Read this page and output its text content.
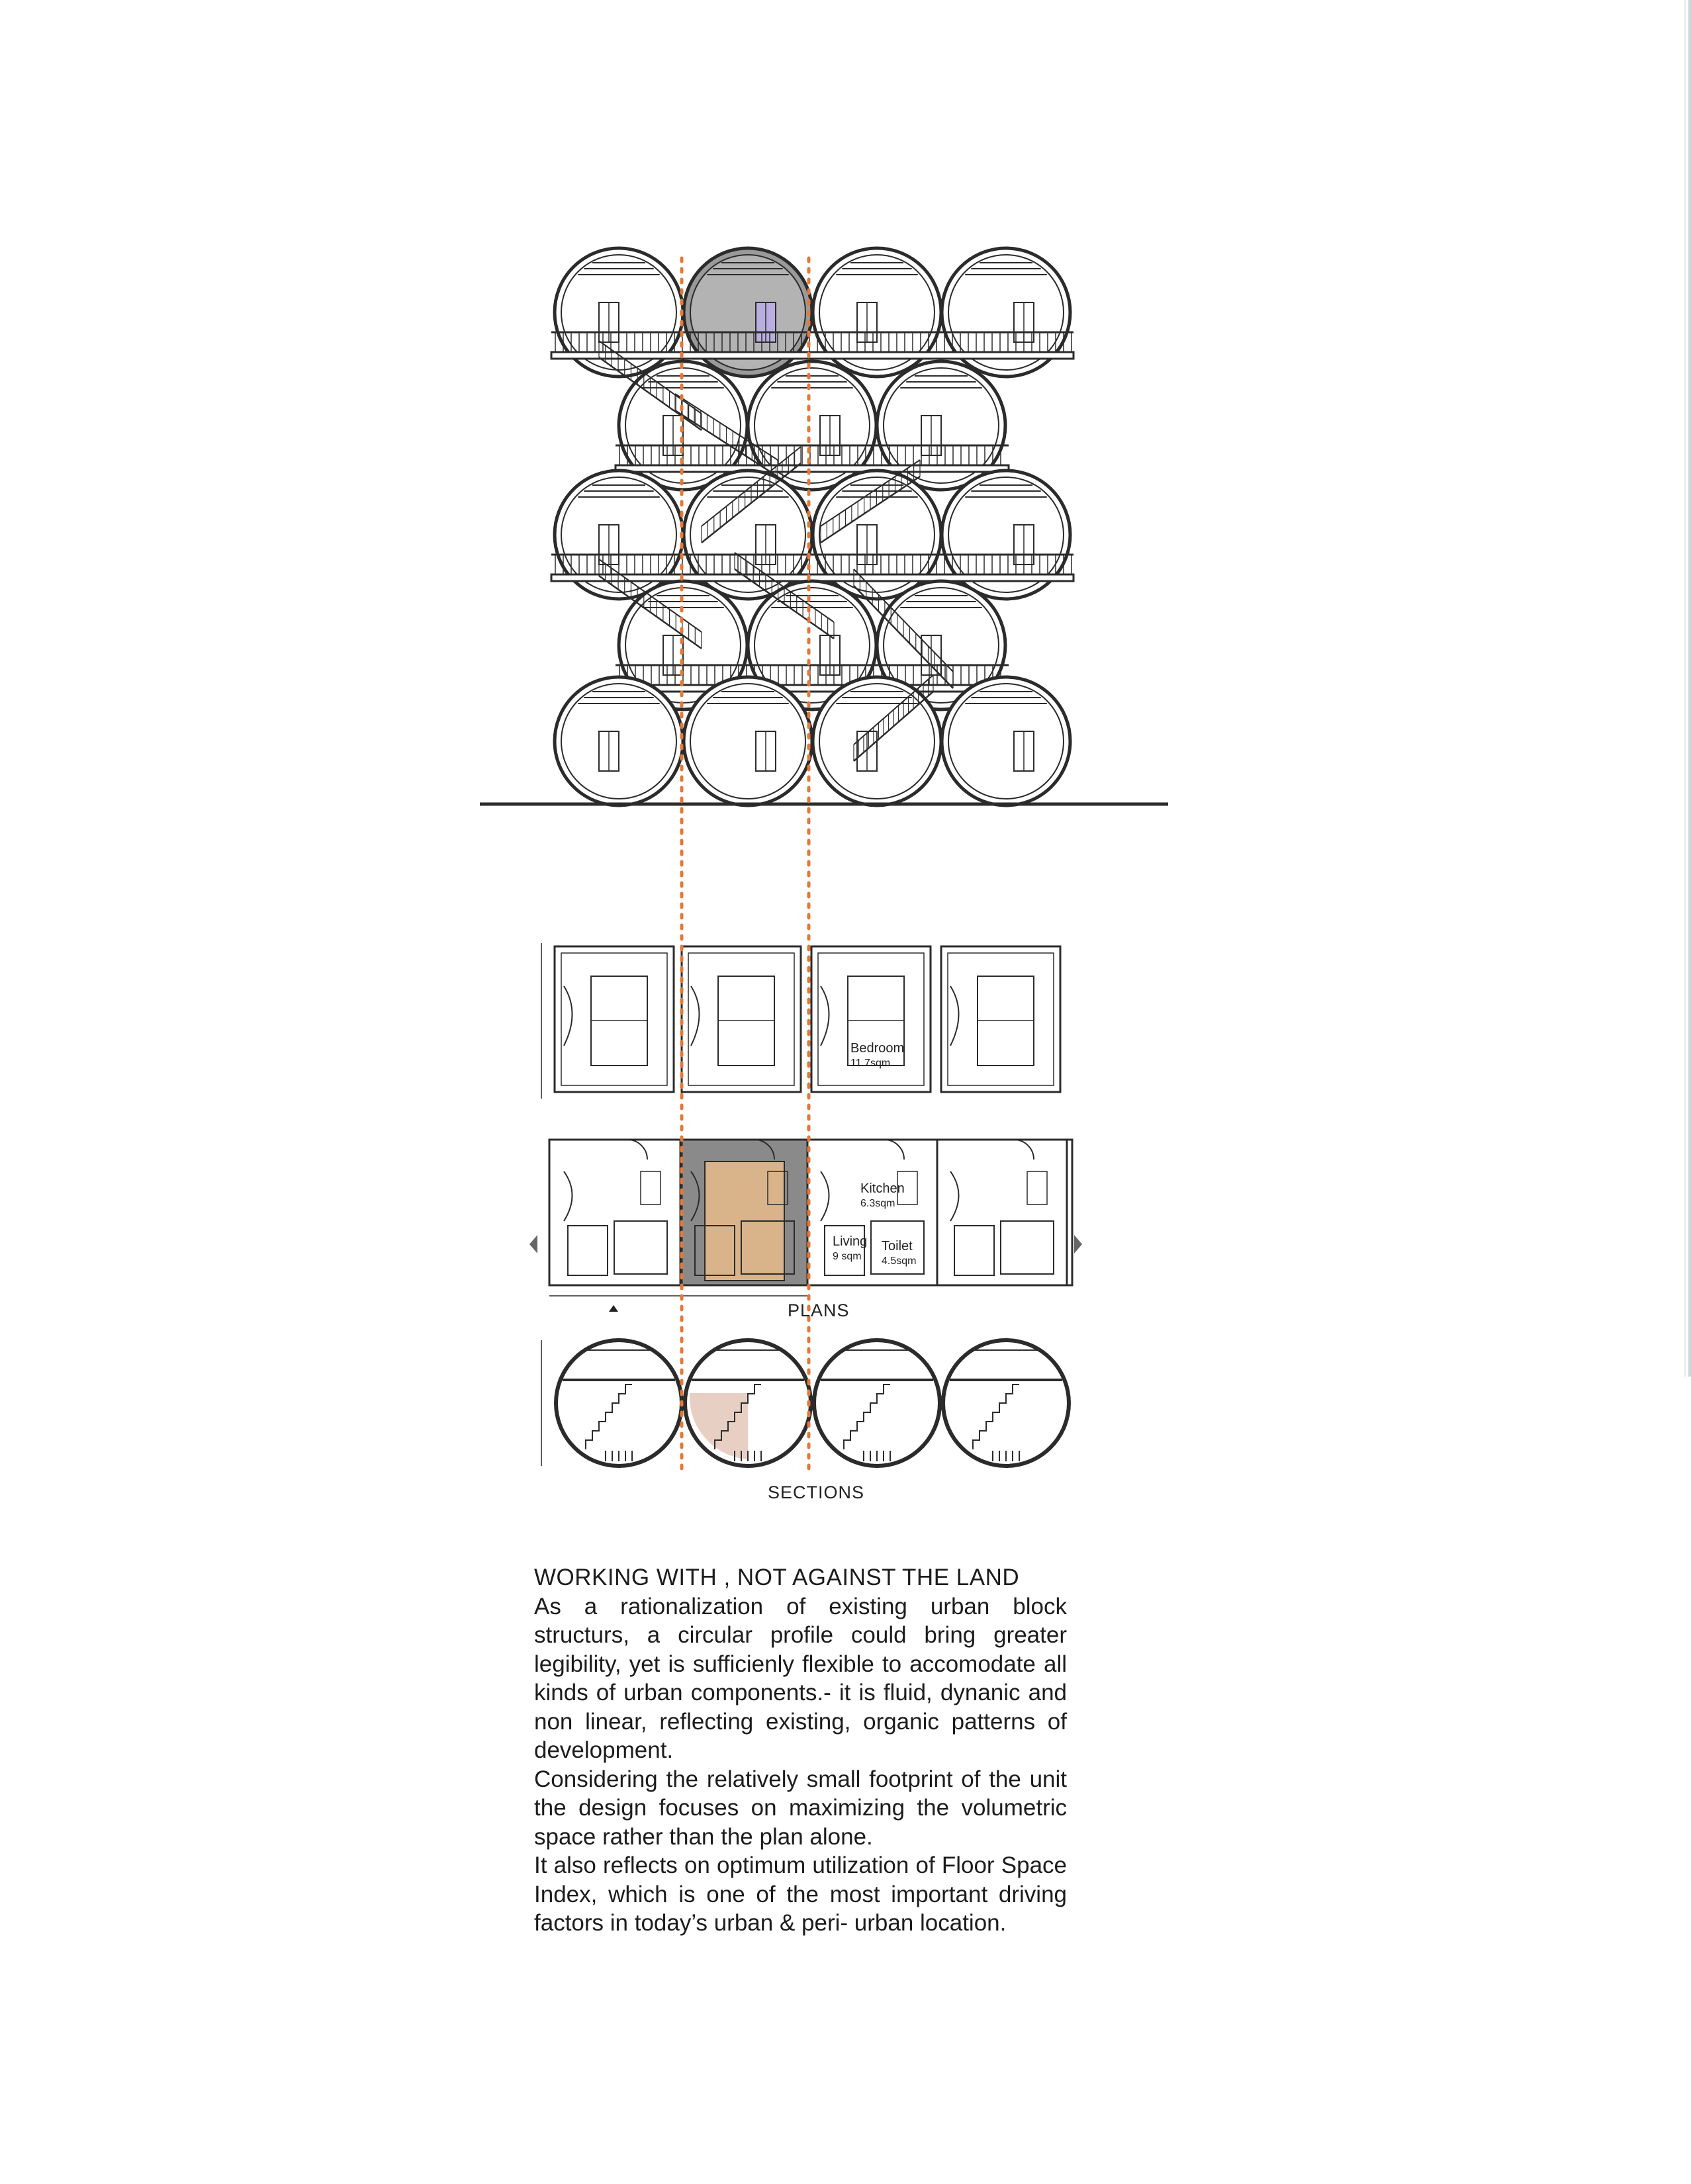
Bedroom
11.7sqm
Kitchen
6.3sqm
Living
9 sqm
Toilet
4.5sqm
PLANS
SECTIONS

WORKING WITH , NOT AGAINST THE LAND

As a rationalization of existing urban block structurs, a circular profile could bring greater legibility, yet is sufficienly flexible to accomodate all kinds of urban components.- it is fluid, dynanic and non linear, reflecting existing, organic patterns of development.

Considering the relatively small footprint of the unit the design focuses on maximizing the volumetric space rather than the plan alone.

It also reflects on optimum utilization of Floor Space Index, which is one of the most important driving factors in today’s urban & peri- urban location.
